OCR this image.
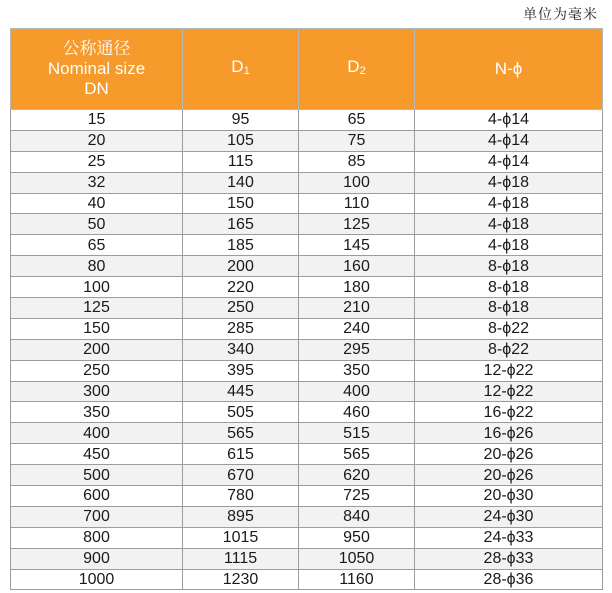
单位为毫米
公称通径
Nominal size
DN	$D_1$	$D_2$	N-ϕ
15	95	65	4-ϕ14
20	105	75	4-ϕ14
25	115	85	4-ϕ14
32	140	100	4-ϕ18
40	150	110	4-ϕ18
50	165	125	4-ϕ18
65	185	145	4-ϕ18
80	200	160	8-ϕ18
100	220	180	8-ϕ18
125	250	210	8-ϕ18
150	285	240	8-ϕ22
200	340	295	8-ϕ22
250	395	350	12-ϕ22
300	445	400	12-ϕ22
350	505	460	16-ϕ22
400	565	515	16-ϕ26
450	615	565	20-ϕ26
500	670	620	20-ϕ26
600	780	725	20-ϕ30
700	895	840	24-ϕ30
800	1015	950	24-ϕ33
900	1115	1050	28-ϕ33
1000	1230	1160	28-ϕ36
